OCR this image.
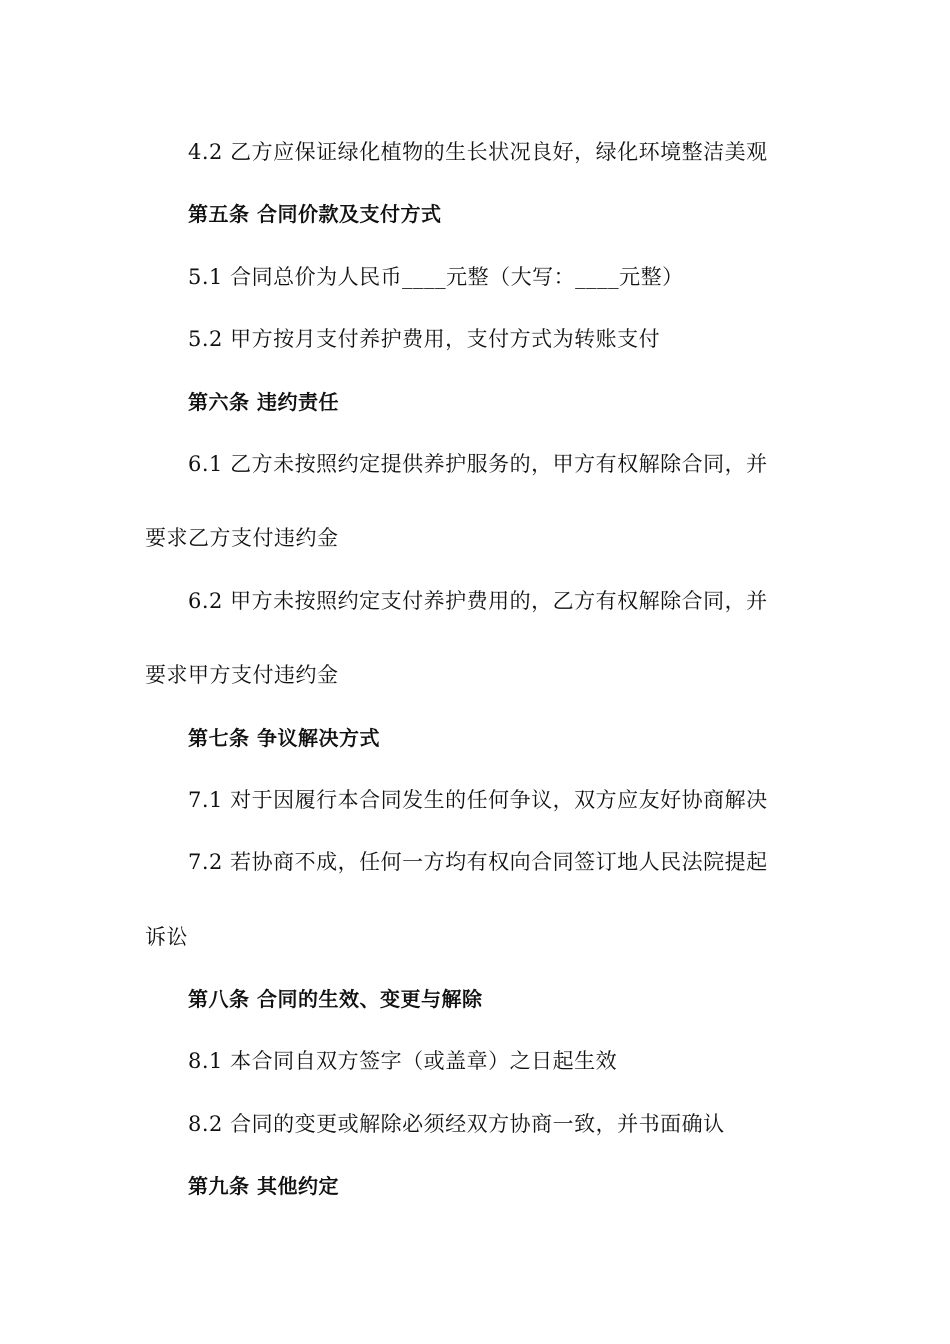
4.2 乙方应保证绿化植物的生长状况良好，绿化环境整洁美观
第五条 合同价款及支付方式
5.1 合同总价为人民币____元整（大写：____元整）
5.2 甲方按月支付养护费用，支付方式为转账支付
第六条 违约责任
6.1 乙方未按照约定提供养护服务的，甲方有权解除合同，并
要求乙方支付违约金
6.2 甲方未按照约定支付养护费用的，乙方有权解除合同，并
要求甲方支付违约金
第七条 争议解决方式
7.1 对于因履行本合同发生的任何争议，双方应友好协商解决
7.2 若协商不成，任何一方均有权向合同签订地人民法院提起
诉讼
第八条 合同的生效、变更与解除
8.1 本合同自双方签字（或盖章）之日起生效
8.2 合同的变更或解除必须经双方协商一致，并书面确认
第九条 其他约定
